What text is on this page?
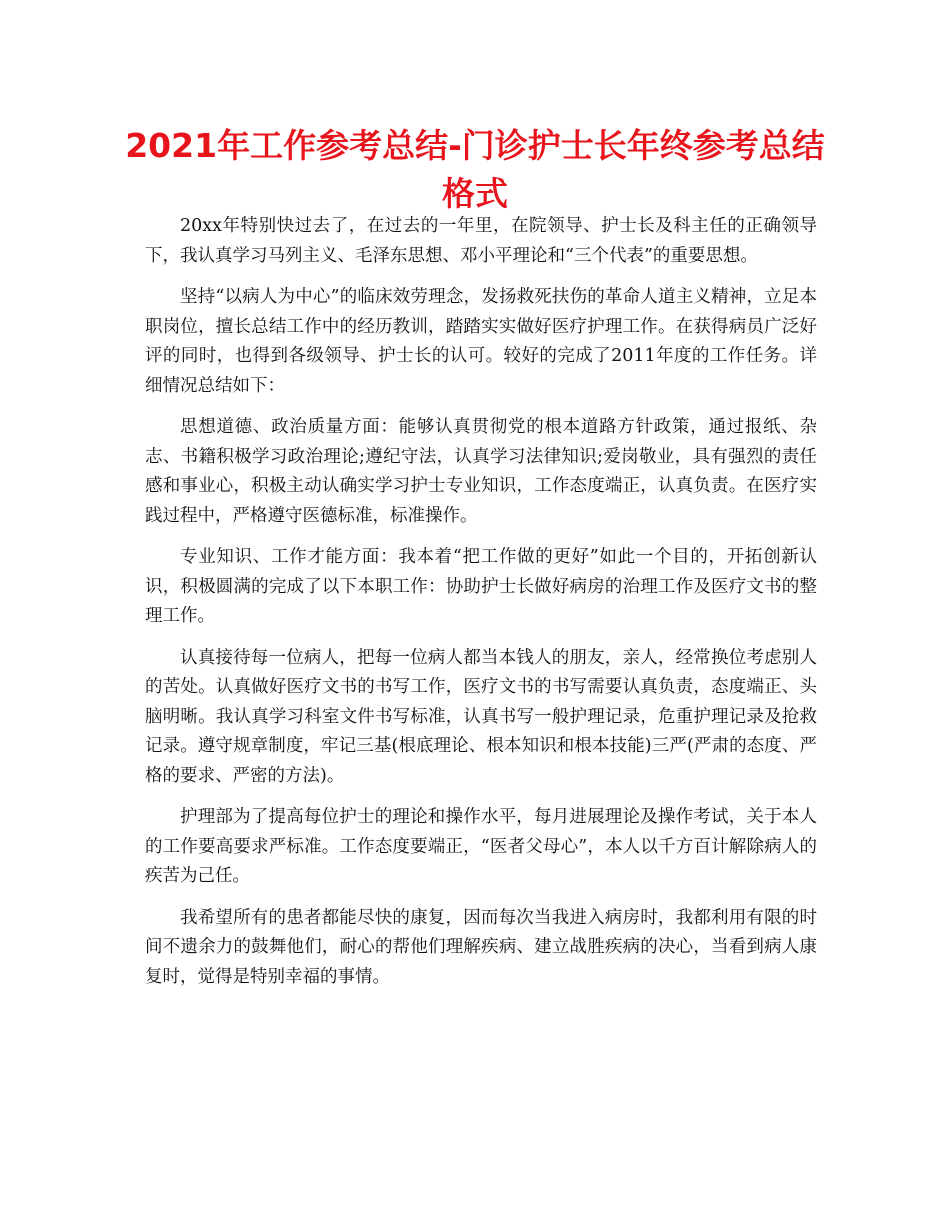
2021年工作参考总结-门诊护士长年终参考总结格式

20xx年特别快过去了，在过去的一年里，在院领导、护士长及科主任的正确领导下，我认真学习马列主义、毛泽东思想、邓小平理论和“三个代表”的重要思想。

坚持“以病人为中心”的临床效劳理念，发扬救死扶伤的革命人道主义精神，立足本职岗位，擅长总结工作中的经历教训，踏踏实实做好医疗护理工作。在获得病员广泛好评的同时，也得到各级领导、护士长的认可。较好的完成了2011年度的工作任务。详细情况总结如下：

思想道德、政治质量方面：能够认真贯彻党的根本道路方针政策，通过报纸、杂志、书籍积极学习政治理论;遵纪守法，认真学习法律知识;爱岗敬业，具有强烈的责任感和事业心，积极主动认确实学习护士专业知识，工作态度端正，认真负责。在医疗实践过程中，严格遵守医德标准，标准操作。

专业知识、工作才能方面：我本着“把工作做的更好”如此一个目的，开拓创新认识，积极圆满的完成了以下本职工作：协助护士长做好病房的治理工作及医疗文书的整理工作。

认真接待每一位病人，把每一位病人都当本钱人的朋友，亲人，经常换位考虑别人的苦处。认真做好医疗文书的书写工作，医疗文书的书写需要认真负责，态度端正、头脑明晰。我认真学习科室文件书写标准，认真书写一般护理记录，危重护理记录及抢救记录。遵守规章制度，牢记三基(根底理论、根本知识和根本技能)三严(严肃的态度、严格的要求、严密的方法)。

护理部为了提高每位护士的理论和操作水平，每月进展理论及操作考试，关于本人的工作要高要求严标准。工作态度要端正，“医者父母心”，本人以千方百计解除病人的疾苦为己任。

我希望所有的患者都能尽快的康复，因而每次当我进入病房时，我都利用有限的时间不遗余力的鼓舞他们，耐心的帮他们理解疾病、建立战胜疾病的决心，当看到病人康复时，觉得是特别幸福的事情。
